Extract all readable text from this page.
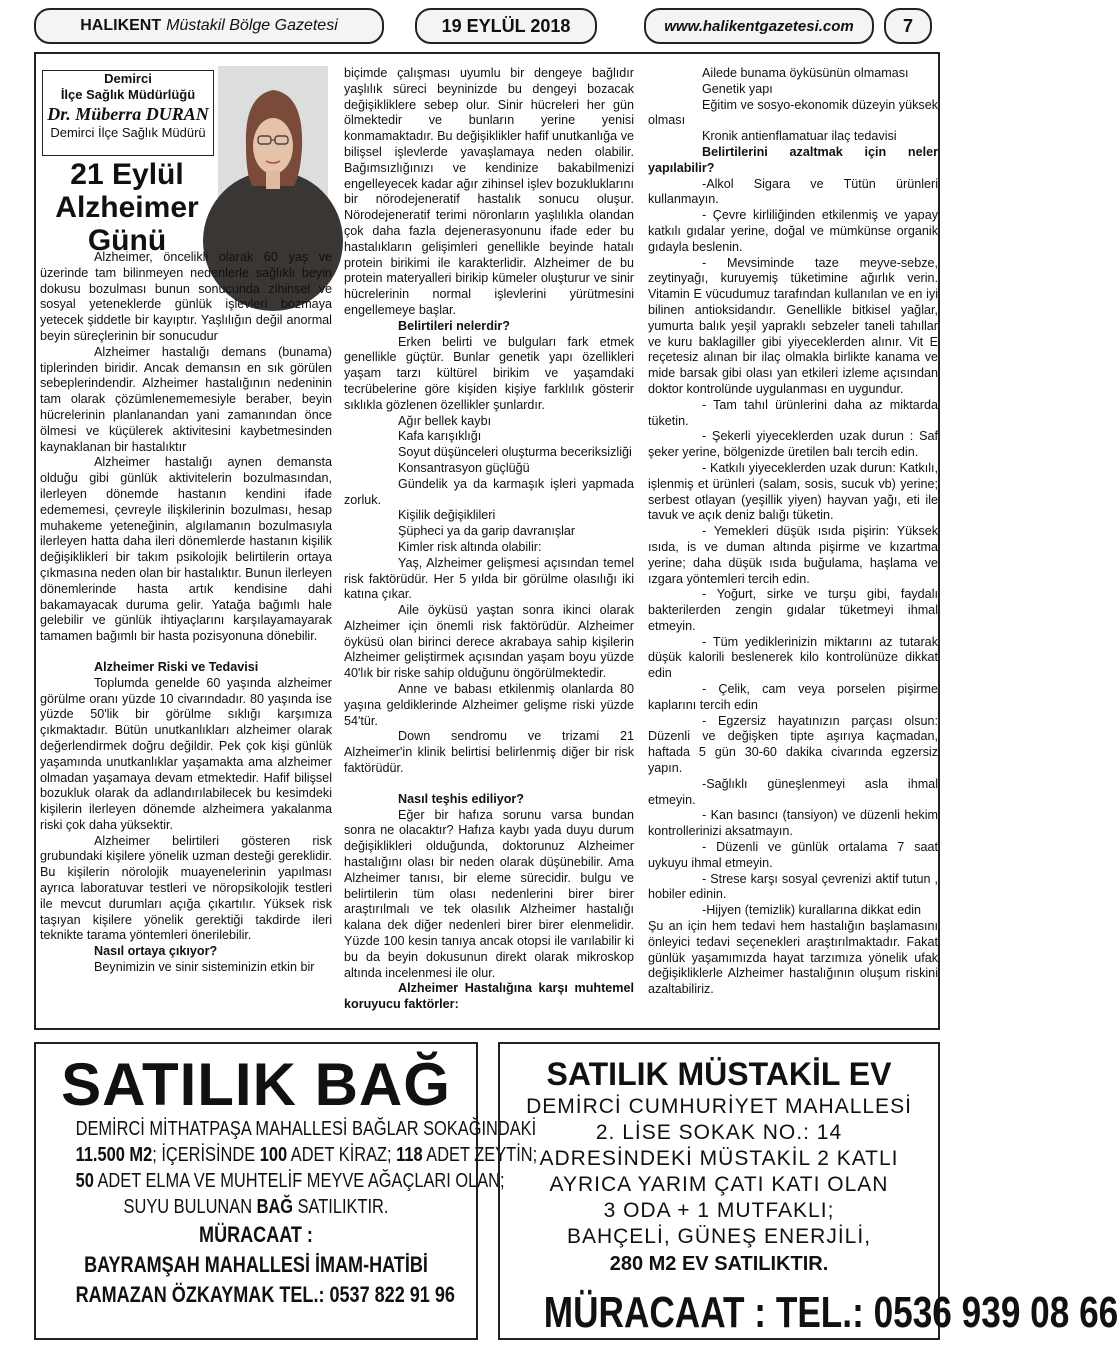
HALIKENT Müstakil Bölge Gazetesi	19 EYLÜL 2018	www.halikentgazetesi.com	7
Demirci
İlçe Sağlık Müdürlüğü
Dr. Müberra DURAN
Demirci İlçe Sağlık Müdürü
21 Eylül Alzheimer Günü

Alzheimer, öncelikli olarak 60 yaş ve üzerinde tam bilinmeyen nedenlerle sağlıklı beyin dokusu bozulması bunun sonucunda zihinsel ve sosyal yeteneklerde günlük işlevleri bozmaya yetecek şiddetle bir kayıptır. Yaşlılığın değil anormal beyin süreçlerinin bir sonucudur

Alzheimer hastalığı demans (bunama) tiplerinden biridir. Ancak demansın en sık görülen sebeplerindendir. Alzheimer hastalığının nedeninin tam olarak çözümlenememesiyle beraber, beyin hücrelerinin planlanandan yani zamanından önce ölmesi ve küçülerek aktivitesini kaybetmesinden kaynaklanan bir hastalıktır

Alzheimer hastalığı aynen demansta olduğu gibi günlük aktivitelerin bozulmasından, ilerleyen dönemde hastanın kendini ifade edememesi, çevreyle ilişkilerinin bozulması, hesap muhakeme yeteneğinin, algılamanın bozulmasıyla ilerleyen hatta daha ileri dönemlerde hastanın kişilik değişiklikleri bir takım psikolojik belirtilerin ortaya çıkmasına neden olan bir hastalıktır. Bunun ilerleyen dönemlerinde hasta artık kendisine dahi bakamayacak duruma gelir. Yatağa bağımlı hale gelebilir ve günlük ihtiyaçlarını karşılayamayarak tamamen bağımlı bir hasta pozisyonuna dönebilir.

Alzheimer Riski ve Tedavisi

Toplumda genelde 60 yaşında alzheimer görülme oranı yüzde 10 civarındadır. 80 yaşında ise yüzde 50'lik bir görülme sıklığı karşımıza çıkmaktadır. Bütün unutkanlıkları alzheimer olarak değerlendirmek doğru değildir. Pek çok kişi günlük yaşamında unutkanlıklar yaşamakta ama alzheimer olmadan yaşamaya devam etmektedir. Hafif bilişsel bozukluk olarak da adlandırılabilecek bu kesimdeki kişilerin ilerleyen dönemde alzheimera yakalanma riski çok daha yüksektir.

Alzheimer belirtileri gösteren risk grubundaki kişilere yönelik uzman desteği gereklidir. Bu kişilerin nörolojik muayenelerinin yapılması ayrıca laboratuvar testleri ve nöropsikolojik testleri ile mevcut durumları açığa çıkartılır. Yüksek risk taşıyan kişilere yönelik gerektiği takdirde ileri teknikte tarama yöntemleri önerilebilir.

Nasıl ortaya çıkıyor?

Beynimizin ve sinir sisteminizin etkin bir

biçimde çalışması uyumlu bir dengeye bağlıdır yaşlılık süreci beyninizde bu dengeyi bozacak değişikliklere sebep olur. Sinir hücreleri her gün ölmektedir ve bunların yerine yenisi konmamaktadır. Bu değişiklikler hafif unutkanlığa ve bilişsel işlevlerde yavaşlamaya neden olabilir. Bağımsızlığınızı ve kendinize bakabilmenizi engelleyecek kadar ağır zihinsel işlev bozukluklarını bir nörodejeneratif hastalık sonucu oluşur. Nörodejeneratif terimi nöronların yaşlılıkla olandan çok daha fazla dejenerasyonunu ifade eder bu hastalıkların gelişimleri genellikle beyinde hatalı protein birikimi ile karakterlidir. Alzheimer de bu protein materyalleri birikip kümeler oluşturur ve sinir hücrelerinin normal işlevlerini yürütmesini engellemeye başlar.

Belirtileri nelerdir?

Erken belirti ve bulguları fark etmek genellikle güçtür. Bunlar genetik yapı özellikleri yaşam tarzı kültürel birikim ve yaşamdaki tecrübelerine göre kişiden kişiye farklılık gösterir sıklıkla gözlenen özellikler şunlardır.

Ağır bellek kaybı

Kafa karışıklığı

Soyut düşünceleri oluşturma beceriksizliği

Konsantrasyon güçlüğü

Gündelik ya da karmaşık işleri yapmada zorluk.

Kişilik değişiklileri

Şüpheci ya da garip davranışlar

Kimler risk altında olabilir:

Yaş, Alzheimer gelişmesi açısından temel risk faktörüdür. Her 5 yılda bir görülme olasılığı iki katına çıkar.

Aile öyküsü yaştan sonra ikinci olarak Alzheimer için önemli risk faktörüdür. Alzheimer öyküsü olan birinci derece akrabaya sahip kişilerin Alzheimer geliştirmek açısından yaşam boyu yüzde 40'lık bir riske sahip olduğunu öngörülmektedir.

Anne ve babası etkilenmiş olanlarda 80 yaşına geldiklerinde Alzheimer gelişme riski yüzde 54'tür.

Down sendromu ve trizami 21 Alzheimer'in klinik belirtisi belirlenmiş diğer bir risk faktörüdür.

Nasıl teşhis ediliyor?

Eğer bir hafıza sorunu varsa bundan sonra ne olacaktır? Hafıza kaybı yada duyu durum değişiklikleri olduğunda, doktorunuz Alzheimer hastalığını olası bir neden olarak düşünebilir. Ama Alzheimer tanısı, bir eleme sürecidir. bulgu ve belirtilerin tüm olası nedenlerini birer birer araştırılmalı ve tek olasılık Alzheimer hastalığı kalana dek diğer nedenleri birer birer elenmelidir. Yüzde 100 kesin tanıya ancak otopsi ile varılabilir ki bu da beyin dokusunun direkt olarak mikroskop altında incelenmesi ile olur.

Alzheimer Hastalığına karşı muhtemel koruyucu faktörler:

Ailede bunama öyküsünün olmaması

Genetik yapı

Eğitim ve sosyo-ekonomik düzeyin yüksek olması

Kronik antienflamatuar ilaç tedavisi

Belirtilerini azaltmak için neler yapılabilir?

-Alkol Sigara ve Tütün ürünleri kullanmayın.

- Çevre kirliliğinden etkilenmiş ve yapay katkılı gıdalar yerine, doğal ve mümkünse organik gıdayla beslenin.

- Mevsiminde taze meyve-sebze, zeytinyağı, kuruyemiş tüketimine ağırlık verin. Vitamin E vücudumuz tarafından kullanılan ve en iyi bilinen antioksidandır. Genellikle bitkisel yağlar, yumurta balık yeşil yapraklı sebzeler taneli tahıllar ve kuru baklagiller gibi yiyeceklerden alınır. Vit E reçetesiz alınan bir ilaç olmakla birlikte kanama ve mide barsak gibi olası yan etkileri izleme açısından doktor kontrolünde uygulanması en uygundur.

- Tam tahıl ürünlerini daha az miktarda tüketin.

- Şekerli yiyeceklerden uzak durun : Saf şeker yerine, bölgenizde üretilen balı tercih edin.

- Katkılı yiyeceklerden uzak durun: Katkılı, işlenmiş et ürünleri (salam, sosis, sucuk vb) yerine; serbest otlayan (yeşillik yiyen) hayvan yağı, eti ile tavuk ve açık deniz balığı tüketin.

- Yemekleri düşük ısıda pişirin: Yüksek ısıda, is ve duman altında pişirme ve kızartma yerine; daha düşük ısıda buğulama, haşlama ve ızgara yöntemleri tercih edin.

- Yoğurt, sirke ve turşu gibi, faydalı bakterilerden zengin gıdalar tüketmeyi ihmal etmeyin.

- Tüm yediklerinizin miktarını az tutarak düşük kalorili beslenerek kilo kontrolünüze dikkat edin

- Çelik, cam veya porselen pişirme kaplarını tercih edin

- Egzersiz hayatınızın parçası olsun: Düzenli ve değişken tipte aşırıya kaçmadan, haftada 5 gün 30-60 dakika civarında egzersiz yapın.

-Sağlıklı güneşlenmeyi asla ihmal etmeyin.

- Kan basıncı (tansiyon) ve düzenli hekim kontrollerinizi aksatmayın.

- Düzenli ve günlük ortalama 7 saat uykuyu ihmal etmeyin.

- Strese karşı sosyal çevrenizi aktif tutun , hobiler edinin.

-Hijyen (temizlik) kurallarına dikkat edin

Şu an için hem tedavi hem hastalığın başlamasını önleyici tedavi seçenekleri araştırılmaktadır. Fakat günlük yaşamımızda hayat tarzımıza yönelik ufak değişikliklerle Alzheimer hastalığının oluşum riskini azaltabiliriz.

SATILIK BAĞ
DEMİRCİ MİTHATPAŞA MAHALLESİ BAĞLAR SOKAĞINDAKİ
11.500 M2; İÇERİSİNDE 100 ADET KİRAZ; 118 ADET ZEYTİN;
50 ADET ELMA VE MUHTELİF MEYVE AĞAÇLARI OLAN;
SUYU BULUNAN BAĞ SATILIKTIR.
MÜRACAAT :
BAYRAMŞAH MAHALLESİ İMAM-HATİBİ
RAMAZAN ÖZKAYMAK TEL.: 0537 822 91 96
SATILIK MÜSTAKİL EV
DEMİRCİ CUMHURİYET MAHALLESİ
2. LİSE SOKAK NO.: 14
ADRESİNDEKİ MÜSTAKİL 2 KATLI
AYRICA YARIM ÇATI KATI OLAN
3 ODA + 1 MUTFAKLI;
BAHÇELİ, GÜNEŞ ENERJİLİ,
280 M2 EV SATILIKTIR.
MÜRACAAT : TEL.: 0536 939 08 66
